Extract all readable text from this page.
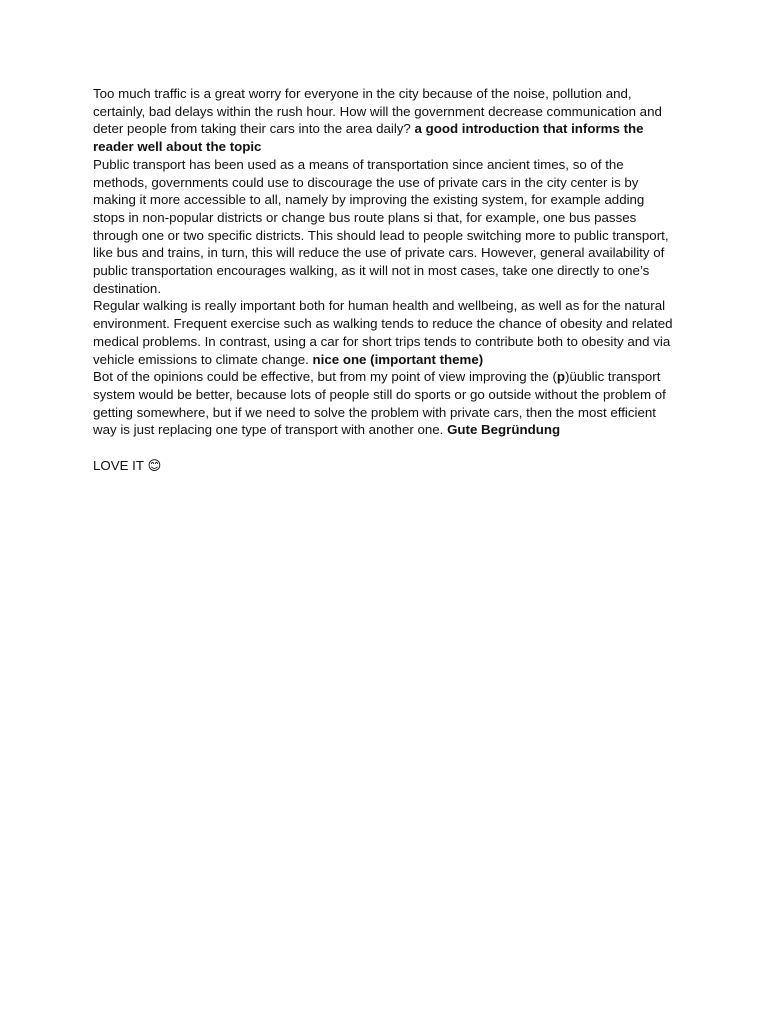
Too much traffic is a great worry for everyone in the city because of the noise, pollution and, certainly, bad delays within the rush hour. How will the government decrease communication and deter people from taking their cars into the area daily? a good introduction that informs the reader well about the topic

Public transport has been used as a means of transportation since ancient times, so of the methods, governments could use to discourage the use of private cars in the city center is by making it more accessible to all, namely by improving the existing system, for example adding stops in non-popular districts or change bus route plans si that, for example, one bus passes through one or two specific districts. This should lead to people switching more to public transport, like bus and trains, in turn, this will reduce the use of private cars. However, general availability of public transportation encourages walking, as it will not in most cases, take one directly to one’s destination.

Regular walking is really important both for human health and wellbeing, as well as for the natural environment. Frequent exercise such as walking tends to reduce the chance of obesity and related medical problems. In contrast, using a car for short trips tends to contribute both to obesity and via vehicle emissions to climate change. nice one (important theme)

Bot of the opinions could be effective, but from my point of view improving the (p)üublic transport system would be better, because lots of people still do sports or go outside without the problem of getting somewhere, but if we need to solve the problem with private cars, then the most efficient way is just replacing one type of transport with another one. Gute Begründung

LOVE IT 😊
